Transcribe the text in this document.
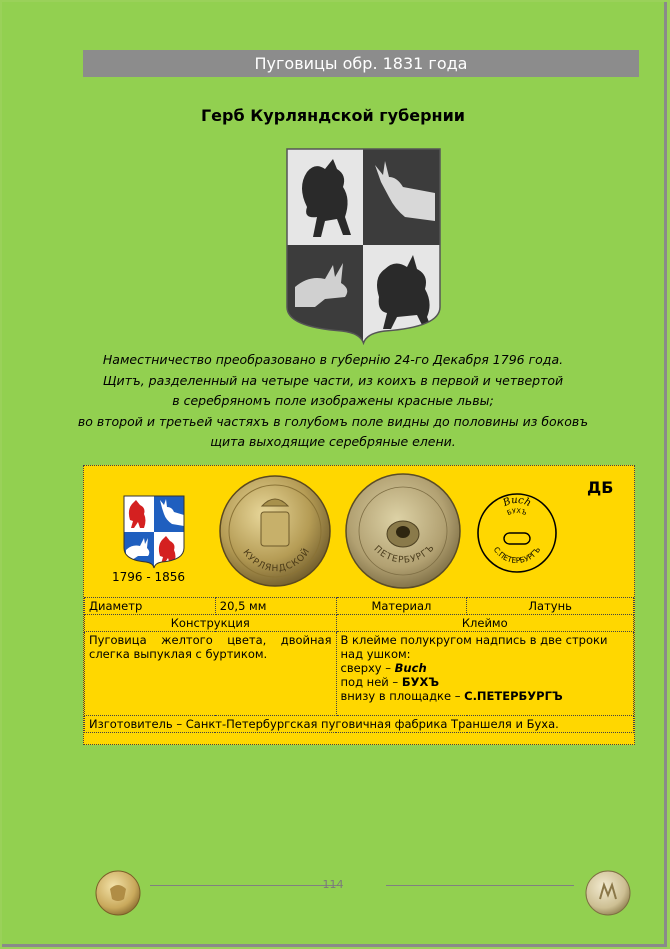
Пуговицы обр. 1831 года
Герб Курляндской губернии
Наместничество преобразовано в губернію 24-го Декабря 1796 года.
Щитъ, разделенный на четыре части, из коихъ в первой и четвертой
в серебряномъ поле изображены красные львы;
во второй и третьей частяхъ в голубомъ поле видны до половины из боковъ
щита выходящие серебряные елени.
1796 - 1856
КУРЛЯНДСКОЙ	ПЕТЕРБУРГЪ
Buch
БУХЪ
С.ПЕТЕРБУРГЪ
ДБ
Диаметр	20,5 мм	Материал	Латунь
Конструкция		Клеймо	
Пуговица желтого цвета, двойная слегка выпуклая с буртиком.		В клейме полукругом надпись в две строки над ушком:
сверху – Buch
под ней – БУХЪ
внизу в площадке – С.ПЕТЕРБУРГЪ	

Изготовитель – Санкт-Петербургская пуговичная фабрика Траншеля и Буха.			
114
